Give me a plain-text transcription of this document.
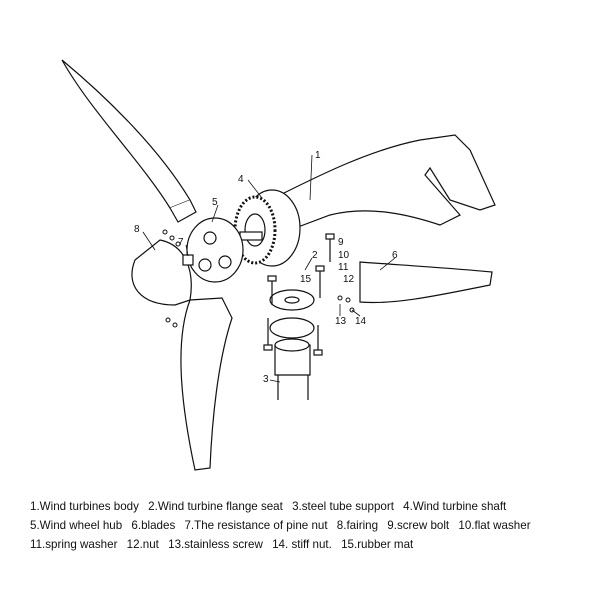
1
4
5
8
7	9
2 10	6
11
15	12
13 14
3
1.Wind turbines body 2.Wind turbine flange seat 3.steel tube support 4.Wind turbine shaft
5.Wind wheel hub 6.blades 7.The resistance of pine nut 8.fairing 9.screw bolt 10.flat washer
11.spring washer 12.nut 13.stainless screw 14. stiff nut. 15.rubber mat
